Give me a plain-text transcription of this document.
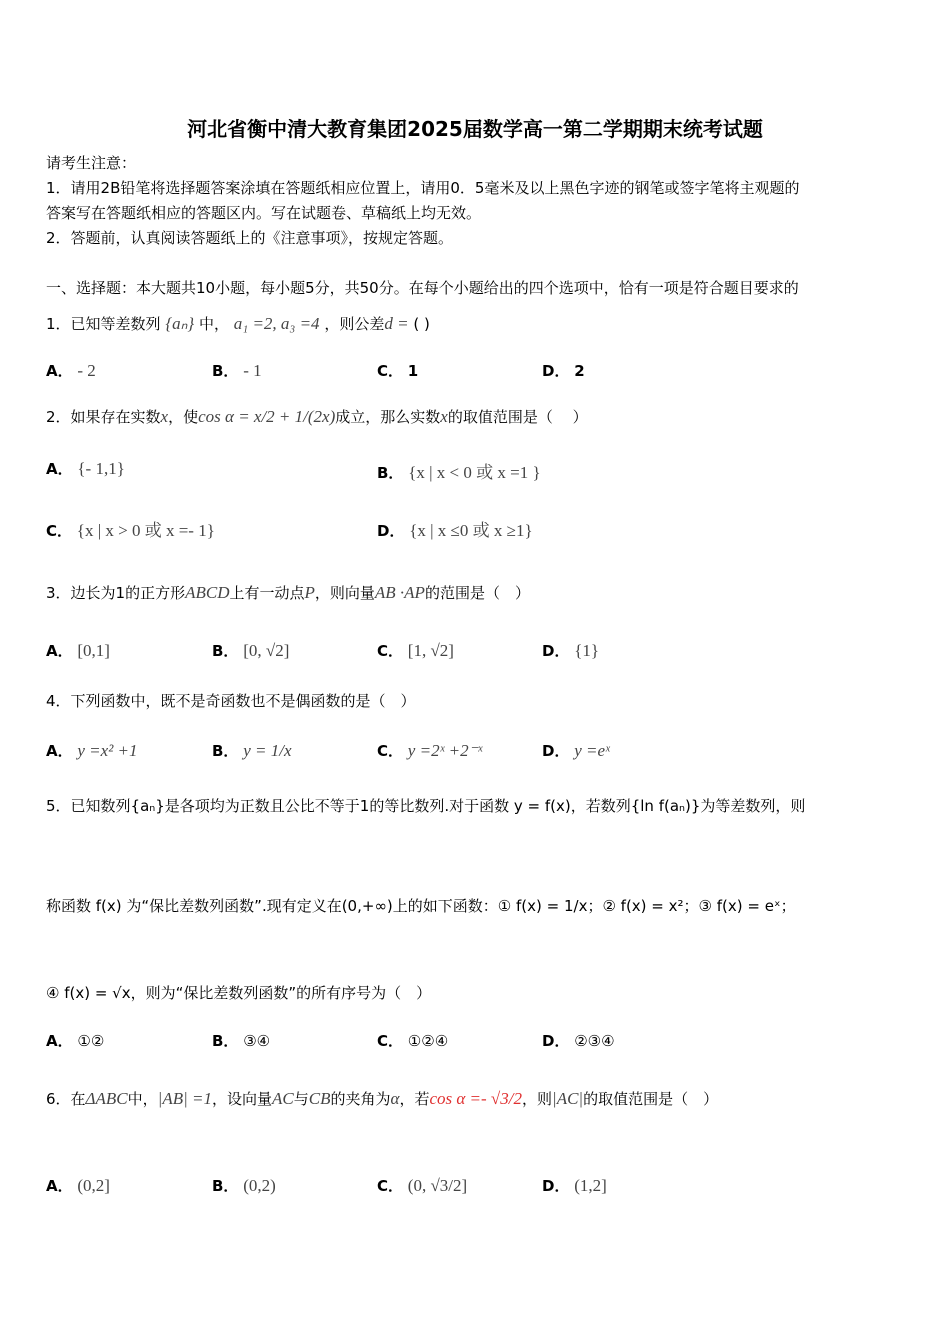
河北省衡中清大教育集团2025届数学高一第二学期期末统考试题
请考生注意：
1．请用2B铅笔将选择题答案涂填在答题纸相应位置上，请用0．5毫米及以上黑色字迹的钢笔或签字笔将主观题的
答案写在答题纸相应的答题区内。写在试题卷、草稿纸上均无效。
2．答题前，认真阅读答题纸上的《注意事项》，按规定答题。
一、选择题：本大题共10小题，每小题5分，共50分。在每个小题给出的四个选项中，恰有一项是符合题目要求的
1．已知等差数列 {aₙ} 中， a₁ =2, a₃ =4 ，则公差d = ( )
A． - 2	B． - 1	C． 1	D． 2
2．如果存在实数x，使cos α = x/2 + 1/(2x)成立，那么实数x的取值范围是（　 ）
A． {- 1,1}	B． {x | x < 0 或 x =1 }
C． {x | x > 0 或 x =- 1}	D． {x | x ≤0 或 x ≥1}
3．边长为1的正方形ABCD上有一动点P，则向量AB ·AP的范围是（　）
A． [0,1]	B． [0, √2]	C． [1, √2]	D． {1}
4．下列函数中，既不是奇函数也不是偶函数的是（　）
A． y =x² +1	B． y = 1/x	C． y =2ˣ +2⁻ˣ	D． y =eˣ
5．已知数列{aₙ}是各项均为正数且公比不等于1的等比数列.对于函数 y = f(x)，若数列{ln f(aₙ)}为等差数列，则
称函数 f(x) 为“保比差数列函数”.现有定义在(0,+∞)上的如下函数：① f(x) = 1/x；② f(x) = x²；③ f(x) = eˣ；
④ f(x) = √x，则为“保比差数列函数”的所有序号为（　）
A． ①②	B． ③④	C． ①②④	D． ②③④
6．在ΔABC中，|AB| =1，设向量AC与CB的夹角为α，若cos α =- √3/2，则|AC|的取值范围是（　）
A． (0,2]	B． (0,2)	C． (0, √3/2]	D． (1,2]
